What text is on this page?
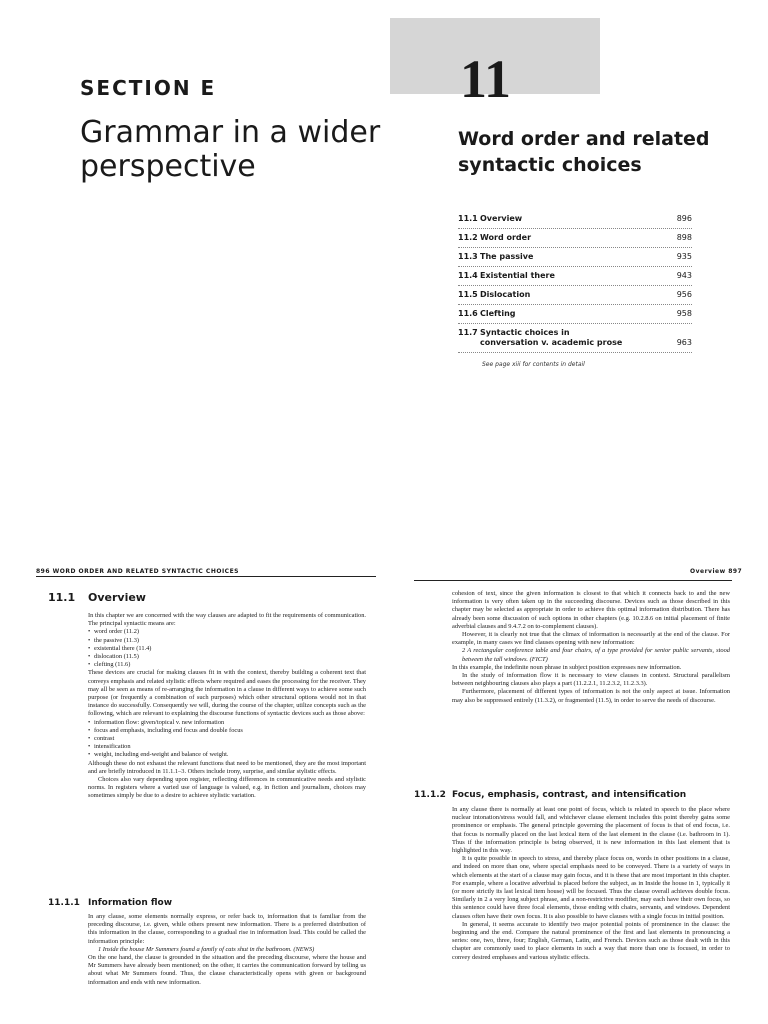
SECTION E
Grammar in a wider perspective
11
Word order and related syntactic choices
11.1 Overview	896
11.2 Word order	898
11.3 The passive	935
11.4 Existential there	943
11.5 Dislocation	956
11.6 Clefting	958
11.7 Syntactic choices in conversation v. academic prose	963
See page xiii for contents in detail
896 WORD ORDER AND RELATED SYNTACTIC CHOICES
11.1 Overview

In this chapter we are concerned with the way clauses are adapted to fit the requirements of communication. The principal syntactic means are:

• word order (11.2)
• the passive (11.3)
• existential there (11.4)
• dislocation (11.5)
• clefting (11.6)

These devices are crucial for making clauses fit in with the context, thereby building a coherent text that conveys emphasis and related stylistic effects where required and eases the processing for the receiver. They may all be seen as means of re-arranging the information in a clause in different ways to achieve some such purpose (or frequently a combination of such purposes) which other structural options would not in that instance do successfully. Consequently we will, during the course of the chapter, utilize concepts such as the following, which are relevant to explaining the discourse functions of syntactic devices such as those above:

• information flow: given/topical v. new information
• focus and emphasis, including end focus and double focus
• contrast
• intensification
• weight, including end-weight and balance of weight.

Although these do not exhaust the relevant functions that need to be mentioned, they are the most important and are briefly introduced in 11.1.1–3. Others include irony, surprise, and similar stylistic effects.

Choices also vary depending upon register, reflecting differences in communicative needs and stylistic norms. In registers where a varied use of language is valued, e.g. in fiction and journalism, choices may sometimes simply be due to a desire to achieve stylistic variation.

11.1.1 Information flow

In any clause, some elements normally express, or refer back to, information that is familiar from the preceding discourse, i.e. given, while others present new information. There is a preferred distribution of this information in the clause, corresponding to a gradual rise in information load. This could be called the information principle:

1 Inside the house Mr Summers found a family of cats shut in the bathroom. (NEWS)

On the one hand, the clause is grounded in the situation and the preceding discourse, where the house and Mr Summers have already been mentioned; on the other, it carries the communication forward by telling us about what Mr Summers found. Thus, the clause characteristically opens with given or background information and ends with new information.

Overview 897

cohesion of text, since the given information is closest to that which it connects back to and the new information is very often taken up in the succeeding discourse. Devices such as those described in this chapter may be selected as appropriate in order to achieve this optimal information distribution. There has already been some discussion of such options in other chapters (e.g. 10.2.8.6 on initial placement of finite adverbial clauses and 9.4.7.2 on to-complement clauses).

However, it is clearly not true that the climax of information is necessarily at the end of the clause. For example, in many cases we find clauses opening with new information:

2 A rectangular conference table and four chairs, of a type provided for senior public servants, stood between the tall windows. (FICT)

In this example, the indefinite noun phrase in subject position expresses new information.

In the study of information flow it is necessary to view clauses in context. Structural parallelism between neighbouring clauses also plays a part (11.2.2.1, 11.2.3.2, 11.2.3.3).

Furthermore, placement of different types of information is not the only aspect at issue. Information may also be suppressed entirely (11.3.2), or fragmented (11.5), in order to serve the needs of discourse.

11.1.2 Focus, emphasis, contrast, and intensification

In any clause there is normally at least one point of focus, which is related in speech to the place where nuclear intonation/stress would fall, and whichever clause element includes this point thereby gains some prominence or emphasis. The general principle governing the placement of focus is that of end focus, i.e. that focus is normally placed on the last lexical item of the last element in the clause (i.e. bathroom in 1). Thus if the information principle is being observed, it is new information in this last element that is highlighted in this way.

It is quite possible in speech to stress, and thereby place focus on, words in other positions in a clause, and indeed on more than one, where special emphasis need to be conveyed. There is a variety of ways in which elements at the start of a clause may gain focus, and it is these that are most important in this chapter. For example, where a locative adverbial is placed before the subject, as in Inside the house in 1, typically it (or more strictly its last lexical item house) will be focused. Thus the clause overall achieves double focus. Similarly in 2 a very long subject phrase, and a non-restrictive modifier, may each have their own focus, so this sentence could have three focal elements, those ending with chairs, servants, and windows. Dependent clauses often have their own focus. It is also possible to have clauses with a single focus in initial position.

In general, it seems accurate to identify two major potential points of prominence in the clause: the beginning and the end. Compare the natural prominence of the first and last elements in pronouncing a series: one, two, three, four; English, German, Latin, and French. Devices such as those dealt with in this chapter are commonly used to place elements in such a way that more than one is focused, in order to convey desired emphases and various stylistic effects.
